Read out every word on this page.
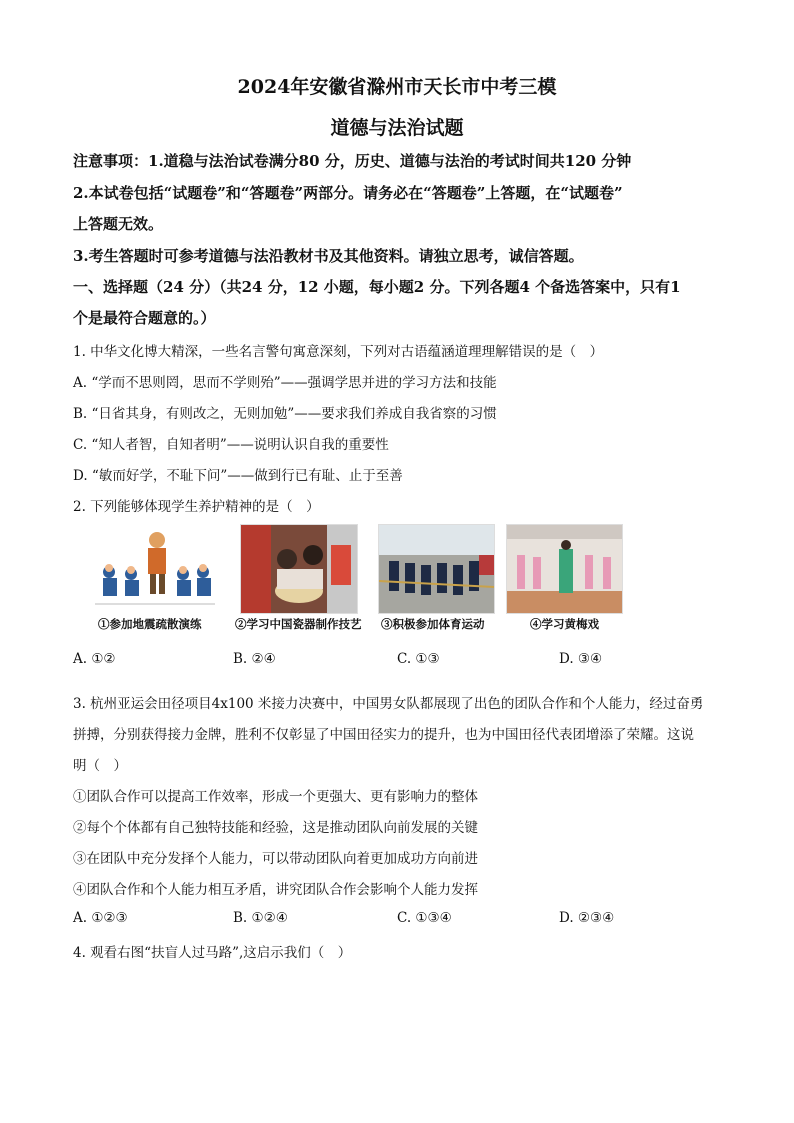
2024年安徽省滁州市天长市中考三模
道德与法治试题
注意事项：1.道稳与法治试卷满分80 分，历史、道德与法治的考试时间共120 分钟
2.本试卷包括“试题卷”和“答题卷”两部分。请务必在“答题卷”上答题，在“试题卷”
上答题无效。
3.考生答题时可参考道德与法沿教材书及其他资料。请独立思考，诚信答题。
一、选择题（24 分）（共24 分，12 小题，每小题2 分。下列各题4 个备选答案中，只有1
个是最符合题意的。）
1. 中华文化博大精深，一些名言警句寓意深刻，下列对古语蕴涵道理理解错误的是（　）
A. “学而不思则罔，思而不学则殆”——强调学思并进的学习方法和技能
B. “日省其身，有则改之，无则加勉”——要求我们养成自我省察的习惯
C. “知人者智，自知者明”——说明认识自我的重要性
D. “敏而好学，不耻下问”——做到行已有耻、止于至善
2. 下列能够体现学生养护精神的是（　）
①参加地震疏散演练	②学习中国瓷器制作技艺 ③积极参加体育运动	④学习黄梅戏
A. ①②	B. ②④	C. ①③	D. ③④
3. 杭州亚运会田径项目4x100 米接力决赛中，中国男女队都展现了出色的团队合作和个人能力，经过奋勇
拼搏，分别获得接力金牌，胜利不仅彰显了中国田径实力的提升，也为中国田径代表团增添了荣耀。这说
明（　）
①团队合作可以提高工作效率，形成一个更强大、更有影响力的整体
②每个个体都有自己独特技能和经验，这是推动团队向前发展的关键
③在团队中充分发择个人能力，可以带动团队向着更加成功方向前进
④团队合作和个人能力相互矛盾，讲究团队合作会影响个人能力发挥
A. ①②③	B. ①②④	C. ①③④	D. ②③④
4. 观看右图“扶盲人过马路”,这启示我们（　）
